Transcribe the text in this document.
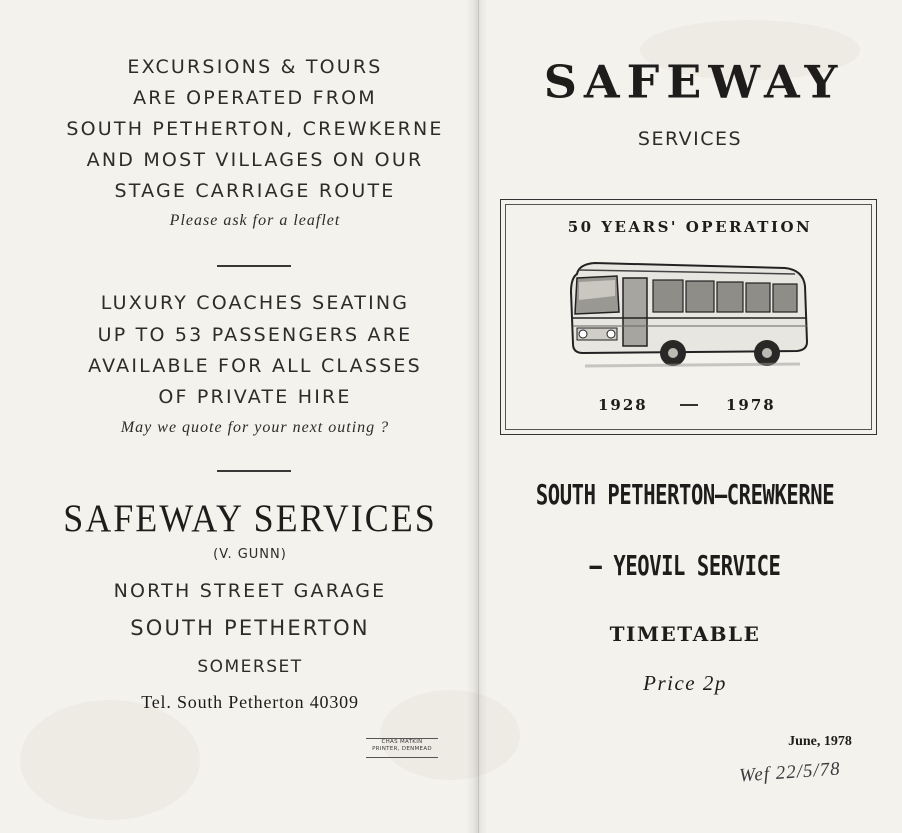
EXCURSIONS & TOURS
ARE OPERATED FROM
SOUTH PETHERTON, CREWKERNE
AND MOST VILLAGES ON OUR
STAGE CARRIAGE ROUTE
Please ask for a leaflet
LUXURY COACHES SEATING
UP TO 53 PASSENGERS ARE
AVAILABLE FOR ALL CLASSES
OF PRIVATE HIRE
May we quote for your next outing ?
SAFEWAY SERVICES
(V. GUNN)
NORTH STREET GARAGE
SOUTH PETHERTON
SOMERSET
Tel. South Petherton 40309
CHAS MATKIN
PRINTER, DENMEAD
SAFEWAY
SERVICES
50 YEARS' OPERATION
1928	1978
SOUTH PETHERTON—CREWKERNE
— YEOVIL SERVICE
TIMETABLE
Price 2p
June, 1978
Wef 22/5/78
